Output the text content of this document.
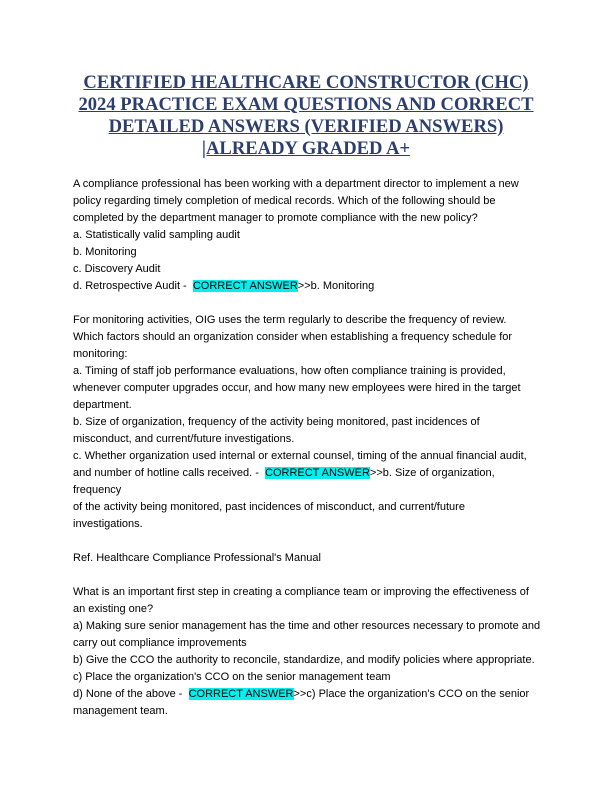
CERTIFIED HEALTHCARE CONSTRUCTOR (CHC)
2024 PRACTICE EXAM QUESTIONS AND CORRECT
DETAILED ANSWERS (VERIFIED ANSWERS)
|ALREADY GRADED A+

A compliance professional has been working with a department director to implement a new

policy regarding timely completion of medical records. Which of the following should be

completed by the department manager to promote compliance with the new policy?

a. Statistically valid sampling audit

b. Monitoring

c. Discovery Audit

d. Retrospective Audit -  CORRECT ANSWER>>b. Monitoring

For monitoring activities, OIG uses the term regularly to describe the frequency of review.

Which factors should an organization consider when establishing a frequency schedule for

monitoring:

a. Timing of staff job performance evaluations, how often compliance training is provided,

whenever computer upgrades occur, and how many new employees were hired in the target

department.

b. Size of organization, frequency of the activity being monitored, past incidences of

misconduct, and current/future investigations.

c. Whether organization used internal or external counsel, timing of the annual financial audit,

and number of hotline calls received. -  CORRECT ANSWER>>b. Size of organization, frequency

of the activity being monitored, past incidences of misconduct, and current/future

investigations.

Ref. Healthcare Compliance Professional's Manual

What is an important first step in creating a compliance team or improving the effectiveness of

an existing one?

a) Making sure senior management has the time and other resources necessary to promote and

carry out compliance improvements

b) Give the CCO the authority to reconcile, standardize, and modify policies where appropriate.

c) Place the organization's CCO on the senior management team

d) None of the above -  CORRECT ANSWER>>c) Place the organization's CCO on the senior

management team.
